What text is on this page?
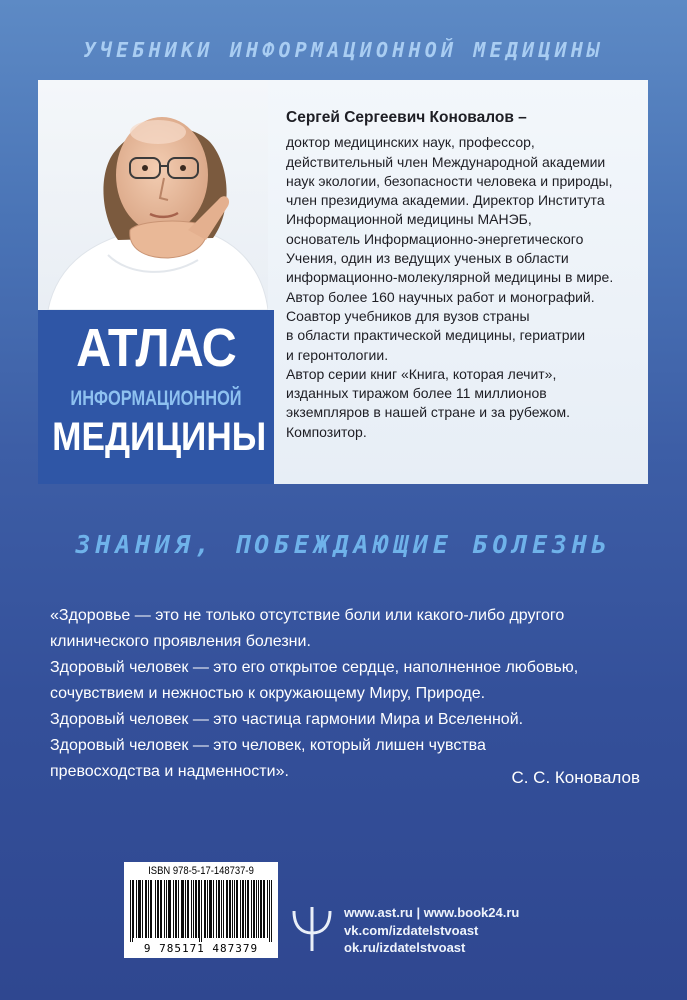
УЧЕБНИКИ ИНФОРМАЦИОННОЙ МЕДИЦИНЫ
АТЛАС
ИНФОРМАЦИОННОЙ
МЕДИЦИНЫ
Сергей Сергеевич Коновалов –
доктор медицинских наук, профессор,
действительный член Международной академии
наук экологии, безопасности человека и природы,
член президиума академии. Директор Института
Информационной медицины МАНЭБ,
основатель Информационно-энергетического
Учения, один из ведущих ученых в области
информационно-молекулярной медицины в мире.
Автор более 160 научных работ и монографий.
Соавтор учебников для вузов страны
в области практической медицины, гериатрии
и геронтологии.
Автор серии книг «Книга, которая лечит»,
изданных тиражом более 11 миллионов
экземпляров в нашей стране и за рубежом.
Композитор.
ЗНАНИЯ, ПОБЕЖДАЮЩИЕ БОЛЕЗНЬ
«Здоровье — это не только отсутствие боли или какого-либо другого
клинического проявления болезни.
Здоровый человек — это его открытое сердце, наполненное любовью,
сочувствием и нежностью к окружающему Миру, Природе.
Здоровый человек — это частица гармонии Мира и Вселенной.
Здоровый человек — это человек, который лишен чувства
превосходства и надменности».	С. С. Коновалов
ISBN 978-5-17-148737-9
9 785171 487379
www.ast.ru | www.book24.ru
vk.com/izdatelstvoast
ok.ru/izdatelstvoast
